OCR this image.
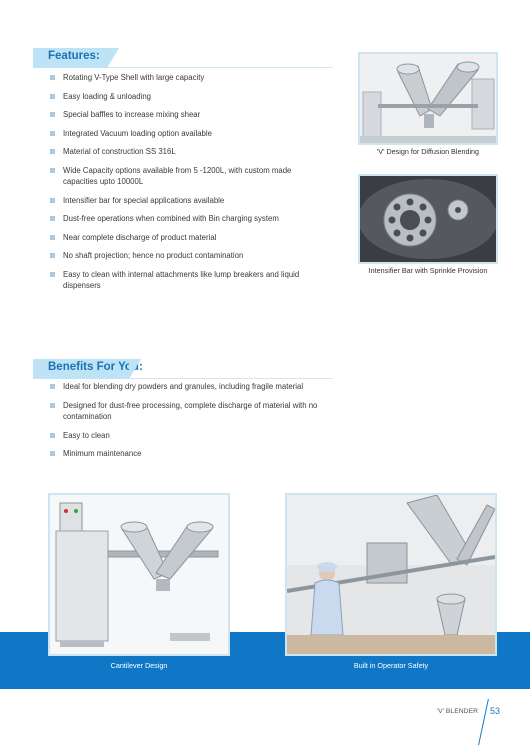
Features:
Rotating V-Type Shell with large capacity
Easy loading & unloading
Special baffles to increase mixing shear
Integrated Vacuum loading option available
Material of construction SS 316L
Wide Capacity options available from 5 -1200L, with custom made capacities upto 10000L
Intensifier bar for special applications available
Dust-free operations when combined with Bin charging system
Near complete discharge of product material
No shaft projection; hence no product contamination
Easy to clean with internal attachments like lump breakers and liquid dispensers
'V' Design for Diffusion Blending
Intensifier Bar with Sprinkle Provision
Benefits For You:
Ideal for blending dry powders and granules, including fragile material
Designed for dust-free processing, complete discharge of material with no contamination
Easy to clean
Minimum maintenance
Cantilever Design	Built in Operator Safety
'V' BLENDER 53
